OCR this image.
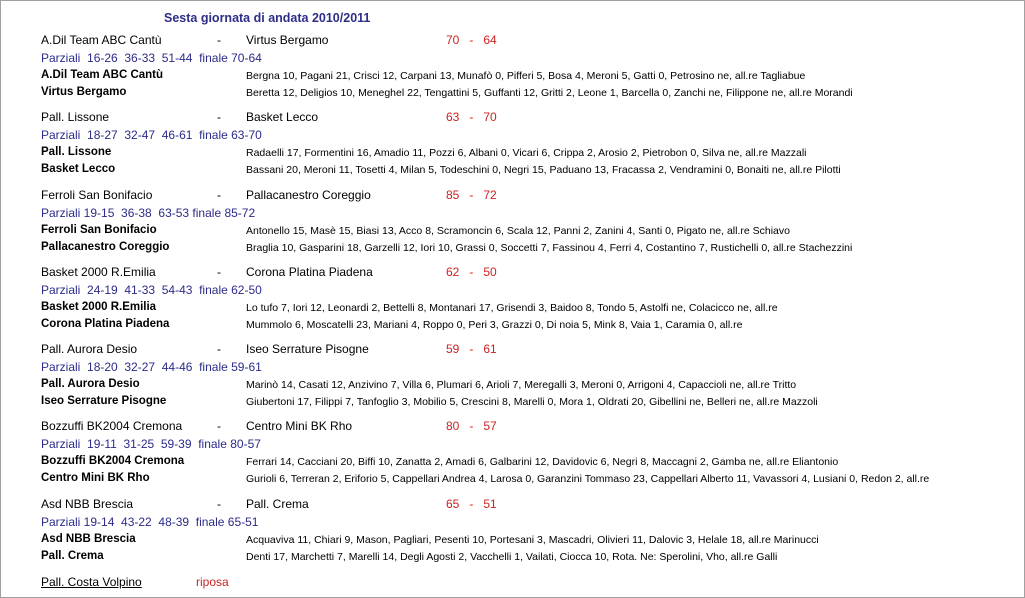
Sesta giornata di andata 2010/2011
A.Dil Team ABC Cantù	- Virtus Bergamo	70   -   64
Parziali  16-26  36-33  51-44  finale 70-64
A.Dil Team ABC Cantù	Bergna 10, Pagani 21, Crisci 12, Carpani 13, Munafò 0, Pifferi 5, Bosa 4, Meroni 5, Gatti 0, Petrosino ne, all.re Tagliabue
Virtus Bergamo	Beretta 12, Deligios 10, Meneghel 22, Tengattini 5, Guffanti 12, Gritti 2, Leone 1, Barcella 0, Zanchi ne, Filippone ne, all.re Morandi
Pall. Lissone	- Basket Lecco	63   -   70
Parziali  18-27  32-47  46-61  finale 63-70
Pall. Lissone	Radaelli 17, Formentini 16, Amadio 11, Pozzi 6, Albani 0, Vicari 6, Crippa 2, Arosio 2, Pietrobon 0, Silva ne, all.re Mazzali
Basket Lecco	Bassani 20, Meroni 11, Tosetti 4, Milan 5, Todeschini 0, Negri 15, Paduano 13, Fracassa 2, Vendramini 0, Bonaiti ne, all.re Pilotti
Ferroli San Bonifacio	- Pallacanestro Coreggio	85   -   72
Parziali 19-15  36-38  63-53 finale 85-72
Ferroli San Bonifacio	Antonello 15, Masè 15, Biasi 13, Acco 8, Scramoncin 6, Scala 12, Panni 2, Zanini 4, Santi 0, Pigato ne, all.re Schiavo
Pallacanestro Coreggio	Braglia 10, Gasparini 18, Garzelli 12, Iori 10, Grassi 0, Soccetti 7, Fassinou 4, Ferri 4, Costantino 7, Rustichelli 0, all.re Stachezzini
Basket 2000 R.Emilia	- Corona Platina Piadena	62   -   50
Parziali  24-19  41-33  54-43  finale 62-50
Basket 2000 R.Emilia	Lo tufo 7, Iori 12, Leonardi 2, Bettelli 8, Montanari 17, Grisendi 3, Baidoo 8, Tondo 5, Astolfi ne, Colacicco ne, all.re
Corona Platina Piadena	Mummolo 6, Moscatelli 23, Mariani 4, Roppo 0, Peri 3, Grazzi 0, Di noia 5, Mink 8, Vaia 1, Caramia 0, all.re
Pall. Aurora Desio	- Iseo Serrature Pisogne	59   -   61
Parziali  18-20  32-27  44-46  finale 59-61
Pall. Aurora Desio	Marinò 14, Casati 12, Anzivino 7, Villa 6, Plumari 6, Arioli 7, Meregalli 3, Meroni 0, Arrigoni 4, Capaccioli ne, all.re Tritto
Iseo Serrature Pisogne	Giubertoni 17, Filippi 7, Tanfoglio 3, Mobilio 5, Crescini 8, Marelli 0, Mora 1, Oldrati 20, Gibellini ne, Belleri ne, all.re Mazzoli
Bozzuffi BK2004 Cremona	- Centro Mini BK Rho	80   -   57
Parziali  19-11  31-25  59-39  finale 80-57
Bozzuffi BK2004 Cremona	Ferrari 14, Cacciani 20, Biffi 10, Zanatta 2, Amadi 6, Galbarini 12, Davidovic 6, Negri 8, Maccagni 2, Gamba ne, all.re Eliantonio
Centro Mini BK Rho	Gurioli 6, Terreran 2, Eriforio 5, Cappellari Andrea 4, Larosa 0, Garanzini Tommaso 23, Cappellari Alberto 11, Vavassori 4, Lusiani 0, Redon 2, all.re
Asd NBB Brescia	- Pall. Crema	65   -   51
Parziali 19-14  43-22  48-39  finale 65-51
Asd NBB Brescia	Acquaviva 11, Chiari 9, Mason, Pagliari, Pesenti 10, Portesani 3, Mascadri, Olivieri 11, Dalovic 3, Helale 18, all.re Marinucci
Pall. Crema	Denti 17, Marchetti 7, Marelli 14, Degli Agosti 2, Vacchelli 1, Vailati, Ciocca 10, Rota. Ne: Sperolini, Vho, all.re Galli
Pall. Costa Volpino	riposa
